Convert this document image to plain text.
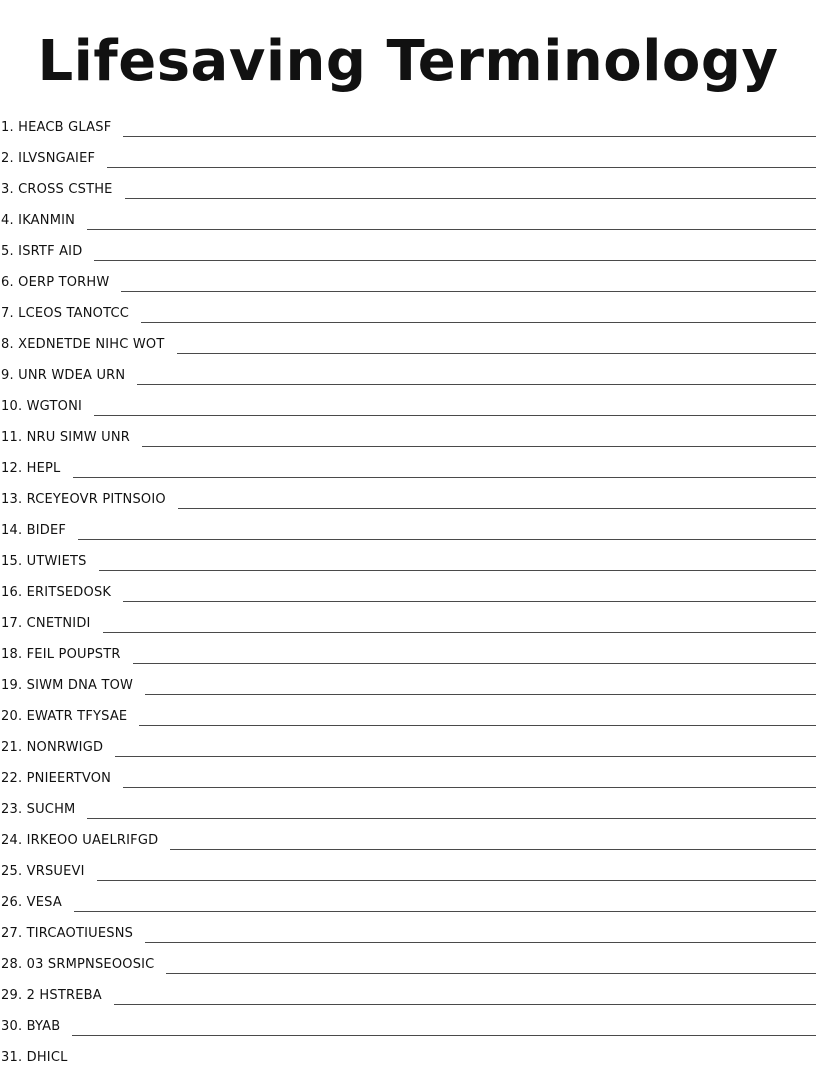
Lifesaving Terminology
1 . HEACB GLASF
2 . ILVSNGAIEF
3 . CROSS CSTHE
4 . IKANMIN
5 . ISRTF AID
6 . OERP TORHW
7 . LCEOS TANOTCC
8 . XEDNETDE NIHC WOT
9 . UNR WDEA URN
10 . WGTONI
11 . NRU SIMW UNR
12 . HEPL
13 . RCEYEOVR PITNSOIO
14 . BIDEF
15 . UTWIETS
16 . ERITSEDOSK
17 . CNETNIDI
18 . FEIL POUPSTR
19 . SIWM DNA TOW
20 . EWATR TFYSAE
21 . NONRWIGD
22 . PNIEERTVON
23 . SUCHM
24 . IRKEOO UAELRIFGD
25 . VRSUEVI
26 . VESA
27 . TIRCAOTIUESNS
28 . 03 SRMPNSEOOSIC
29 . 2 HSTREBA
30 . BYAB
31 . DHICL
